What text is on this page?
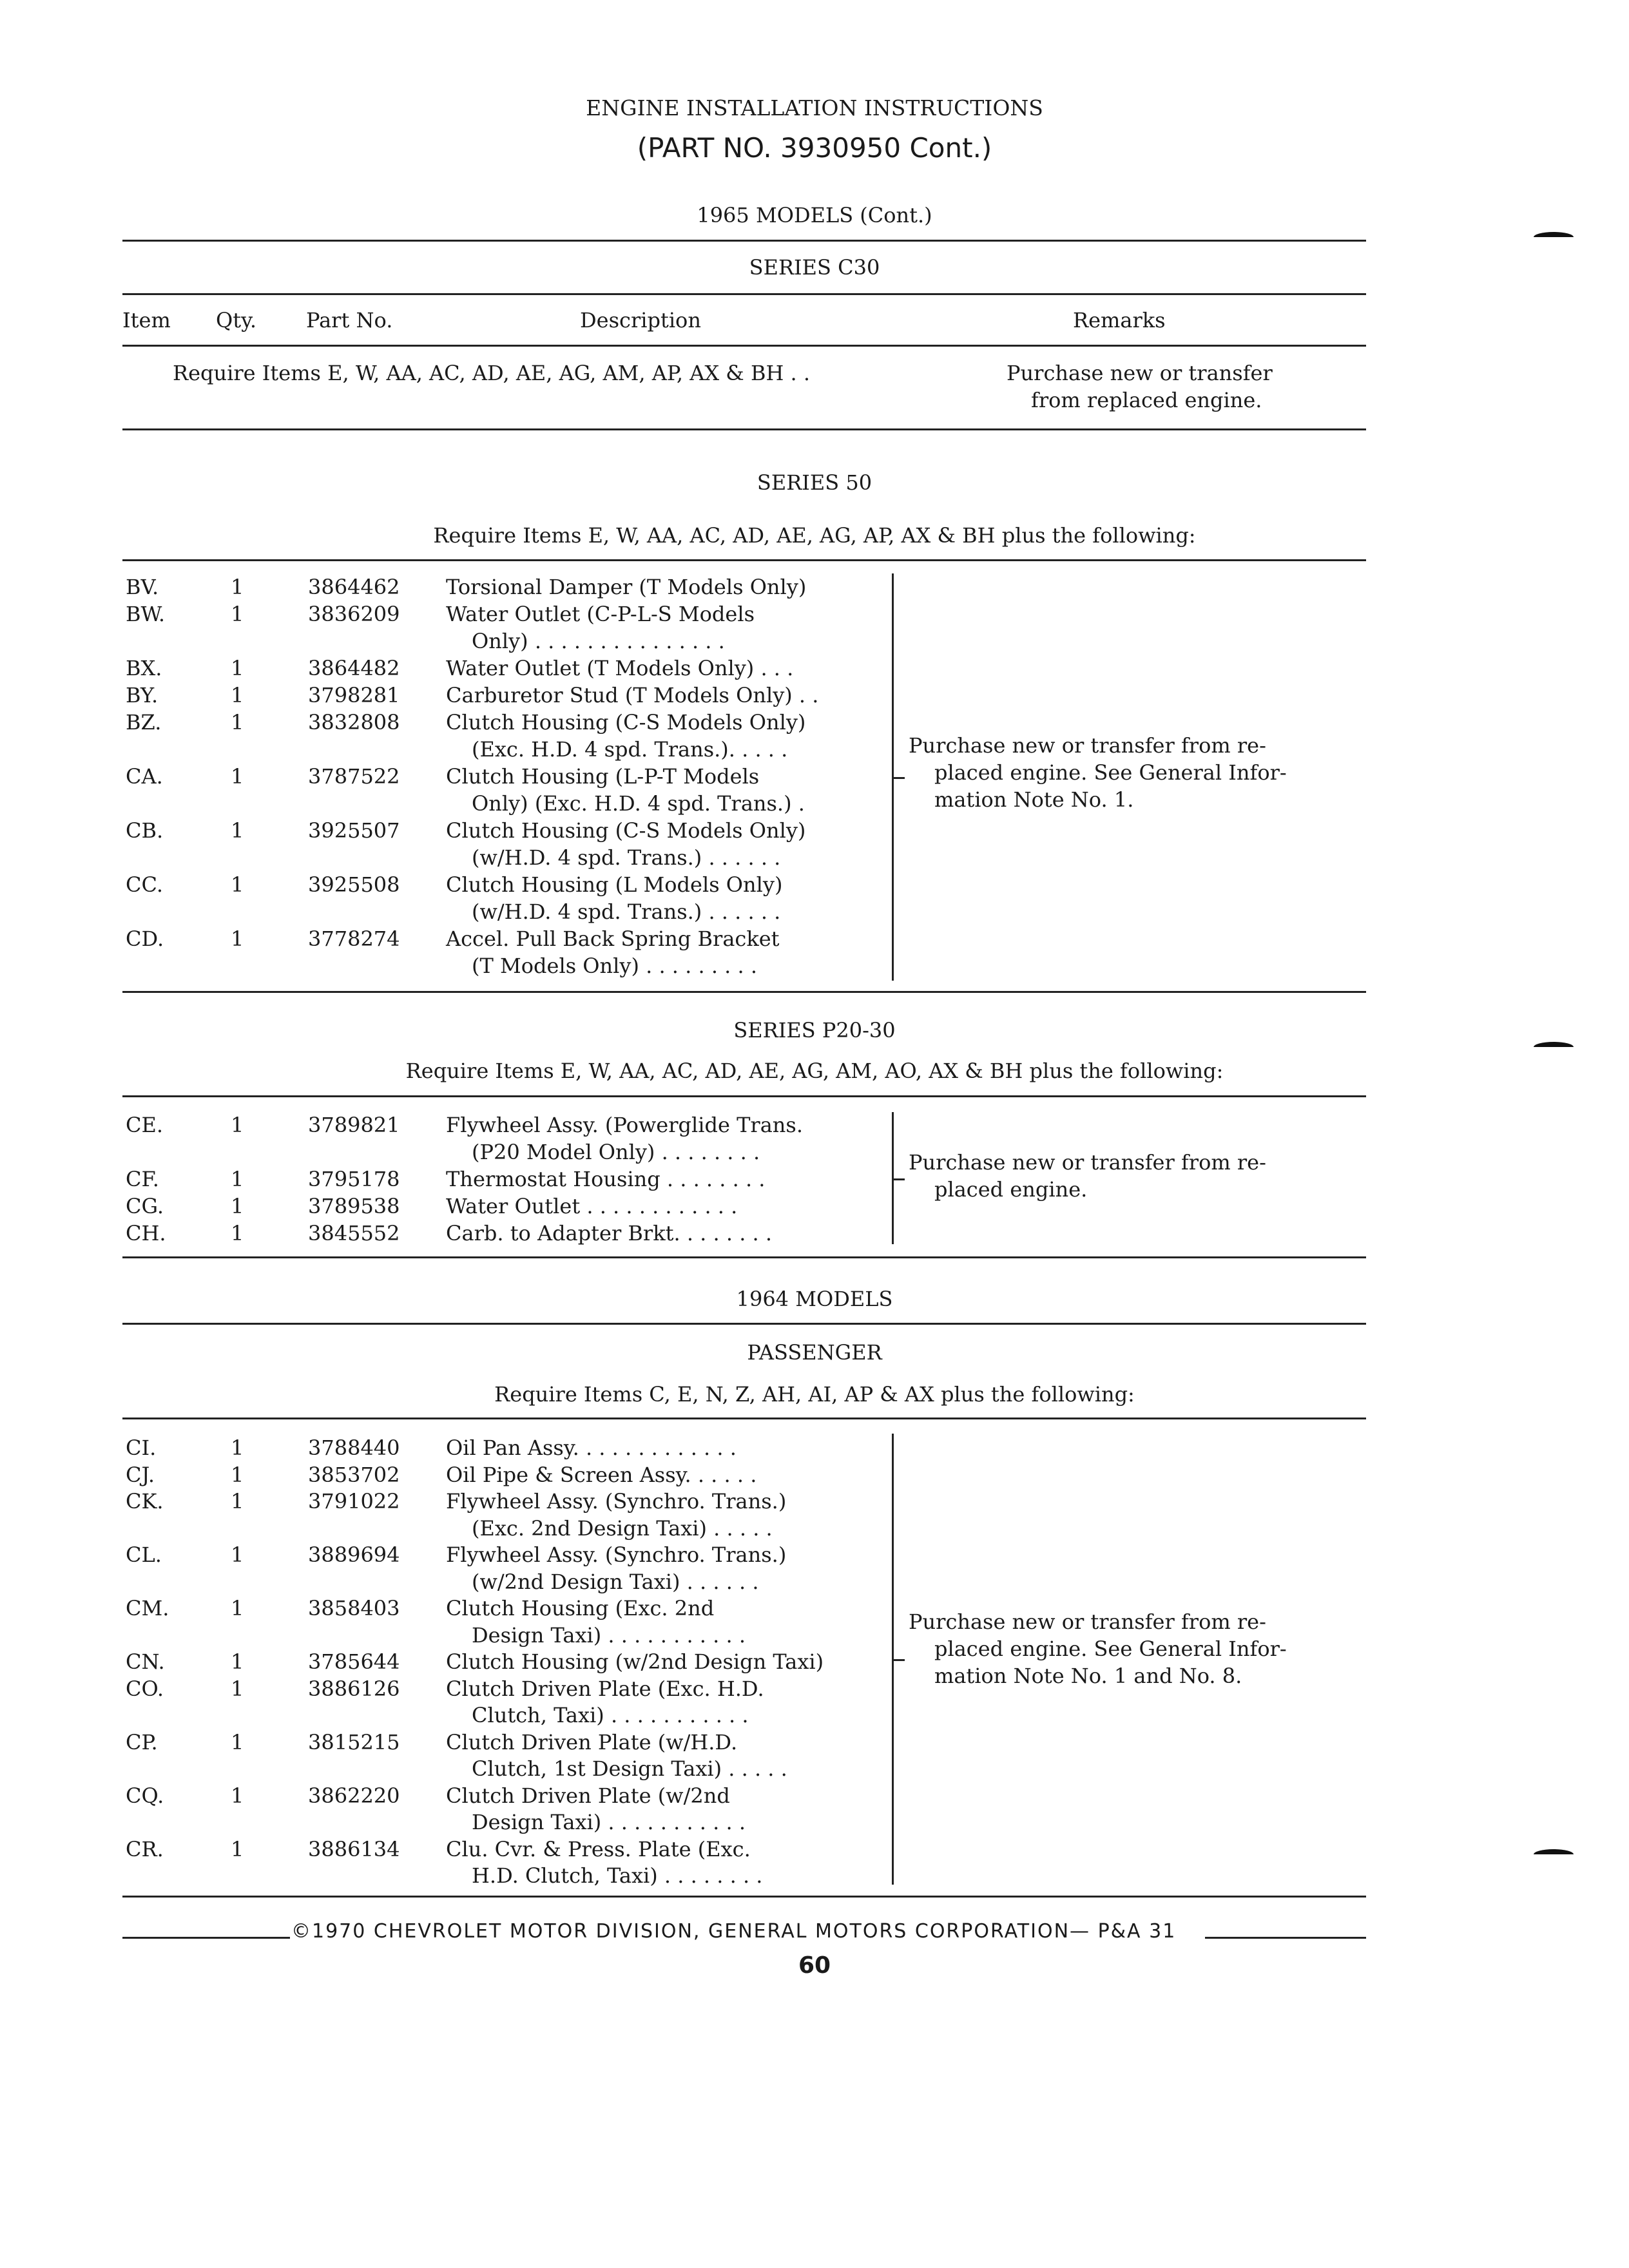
ENGINE INSTALLATION INSTRUCTIONS
(PART NO. 3930950 Cont.)
1965 MODELS (Cont.)
SERIES C30
Item Qty. Part No.	Description	Remarks
Require Items E, W, AA, AC, AD, AE, AG, AM, AP, AX & BH . .	Purchase new or transfer
from replaced engine.
SERIES 50
Require Items E, W, AA, AC, AD, AE, AG, AP, AX & BH plus the following:
BV.	1	3864462 Torsional Damper (T Models Only)
BW.	1	3836209 Water Outlet (C-P-L-S Models
Only) . . . . . . . . . . . . . . .
BX.	1	3864482 Water Outlet (T Models Only) . . .
BY.	1	3798281 Carburetor Stud (T Models Only) . .
BZ.	1	3832808 Clutch Housing (C-S Models Only)
(Exc. H.D. 4 spd. Trans.). . . . .
CA.	1	3787522 Clutch Housing (L-P-T Models
Only) (Exc. H.D. 4 spd. Trans.) .
CB.	1	3925507 Clutch Housing (C-S Models Only)
(w/H.D. 4 spd. Trans.) . . . . . .
CC.	1	3925508 Clutch Housing (L Models Only)
(w/H.D. 4 spd. Trans.) . . . . . .
CD.	1	3778274 Accel. Pull Back Spring Bracket
(T Models Only) . . . . . . . . .
Purchase new or transfer from re-
placed engine. See General Infor-
mation Note No. 1.
SERIES P20-30
Require Items E, W, AA, AC, AD, AE, AG, AM, AO, AX & BH plus the following:
CE.	1	3789821 Flywheel Assy. (Powerglide Trans.
(P20 Model Only) . . . . . . . .
CF.	1	3795178 Thermostat Housing . . . . . . . .
CG.	1	3789538 Water Outlet . . . . . . . . . . . .
CH.	1	3845552 Carb. to Adapter Brkt. . . . . . . .
Purchase new or transfer from re-
placed engine.
1964 MODELS
PASSENGER
Require Items C, E, N, Z, AH, AI, AP & AX plus the following:
CI.	1	3788440 Oil Pan Assy. . . . . . . . . . . . .
CJ.	1	3853702 Oil Pipe & Screen Assy. . . . . .
CK.	1	3791022 Flywheel Assy. (Synchro. Trans.)
(Exc. 2nd Design Taxi) . . . . .
CL.	1	3889694 Flywheel Assy. (Synchro. Trans.)
(w/2nd Design Taxi) . . . . . .
CM.	1	3858403 Clutch Housing (Exc. 2nd
Design Taxi) . . . . . . . . . . .
CN.	1	3785644 Clutch Housing (w/2nd Design Taxi)
CO.	1	3886126 Clutch Driven Plate (Exc. H.D.
Clutch, Taxi) . . . . . . . . . . .
CP.	1	3815215 Clutch Driven Plate (w/H.D.
Clutch, 1st Design Taxi) . . . . .
CQ.	1	3862220 Clutch Driven Plate (w/2nd
Design Taxi) . . . . . . . . . . .
CR.	1	3886134 Clu. Cvr. & Press. Plate (Exc.
H.D. Clutch, Taxi) . . . . . . . .
Purchase new or transfer from re-
placed engine. See General Infor-
mation Note No. 1 and No. 8.
©1970 CHEVROLET MOTOR DIVISION, GENERAL MOTORS CORPORATION— P&A 31
60
